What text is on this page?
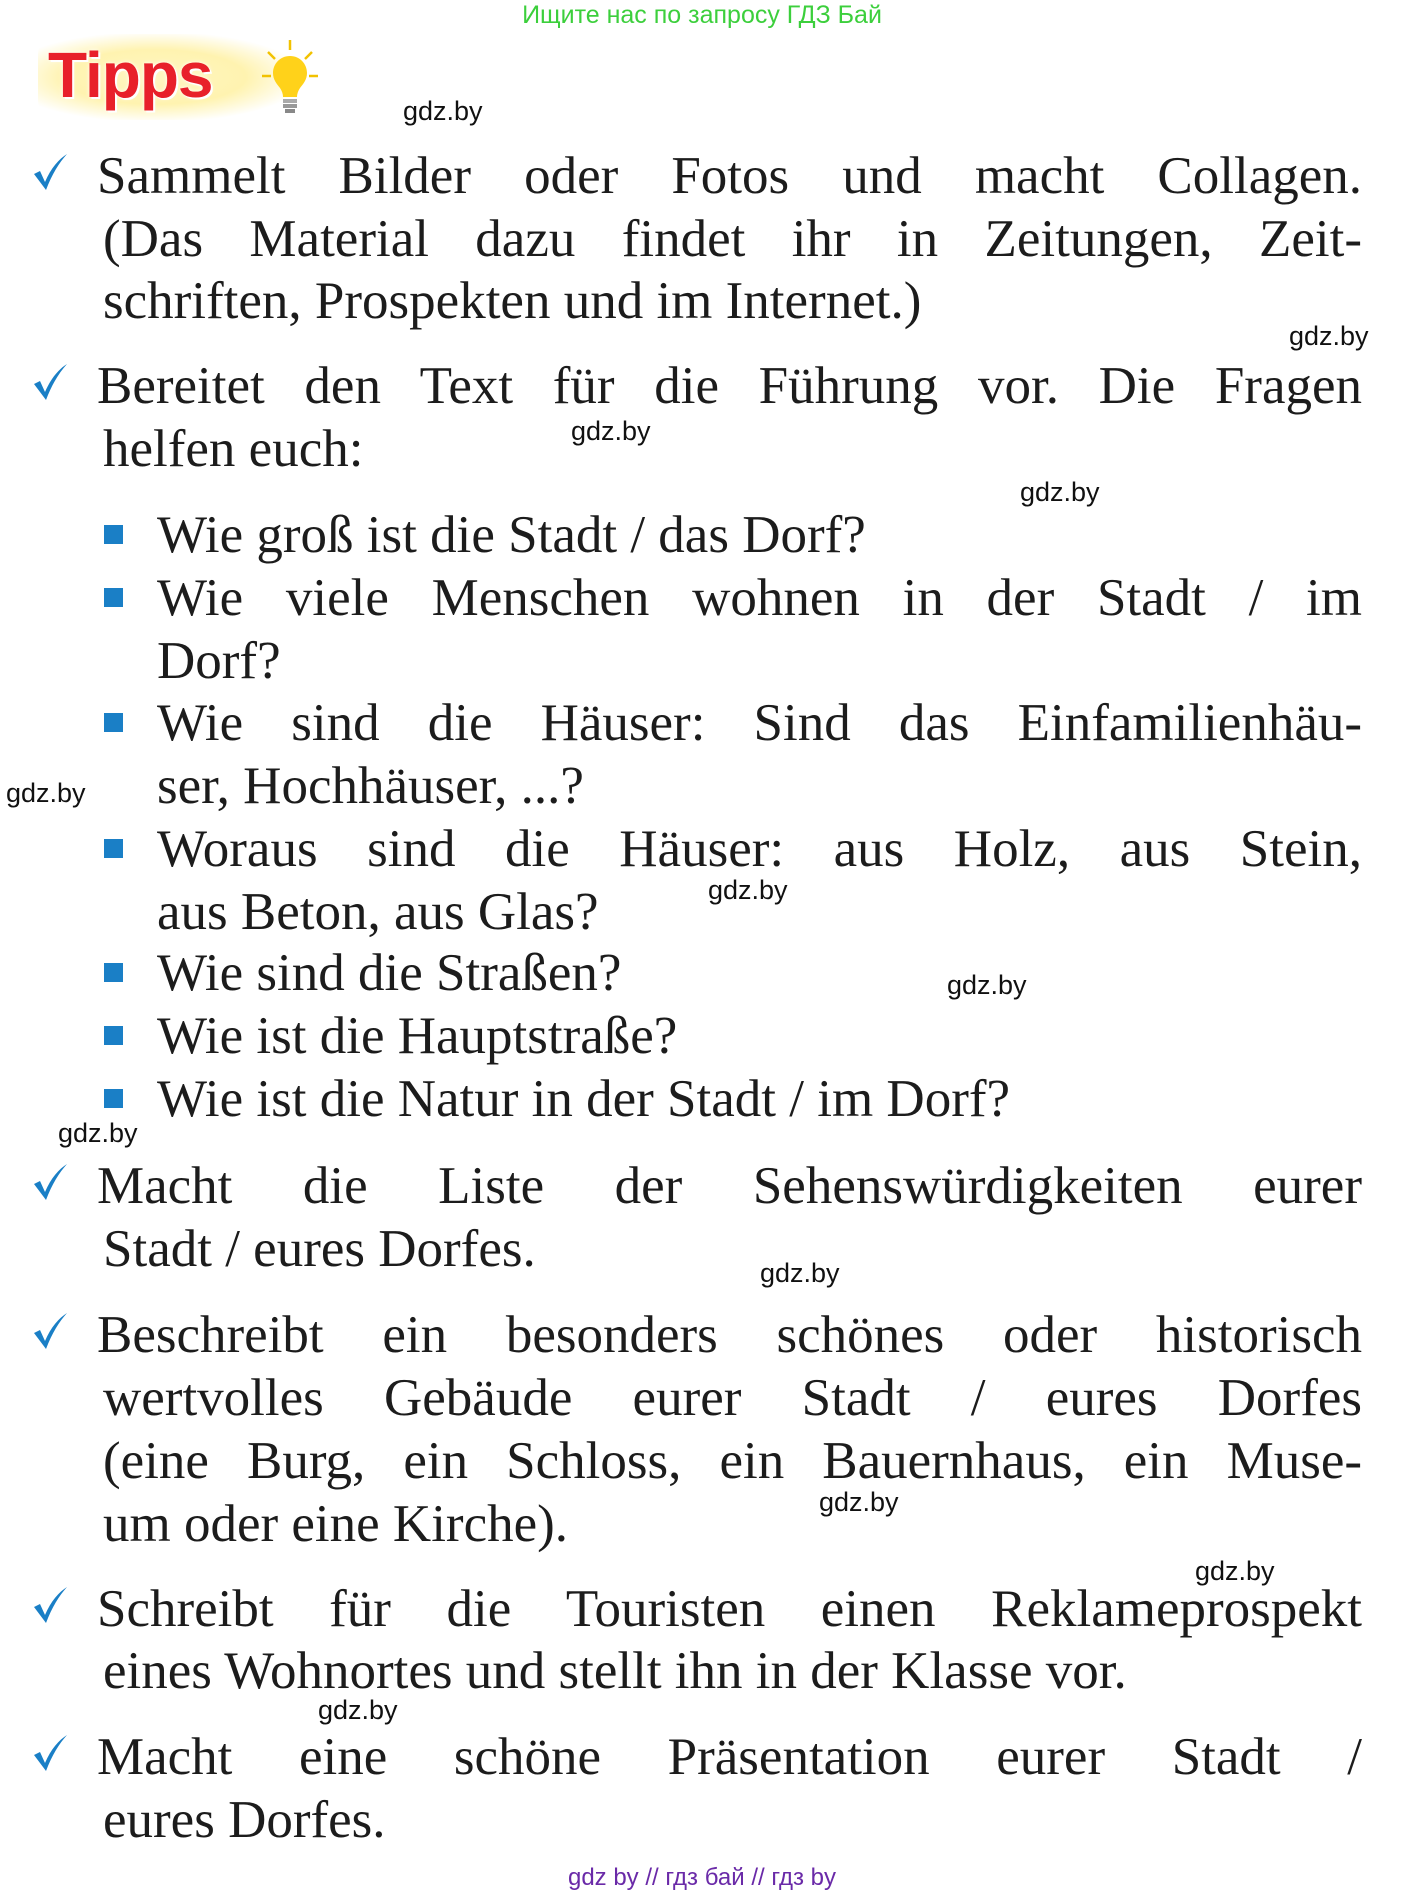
Ищите нас по запросу ГДЗ Бай
Tipps
Sammelt Bilder oder Fotos und macht Collagen.
(Das Material dazu findet ihr in Zeitungen, Zeit-
schriften, Prospekten und im Internet.)
Bereitet den Text für die Führung vor. Die Fragen
helfen euch:
Wie groß ist die Stadt / das Dorf?
Wie viele Menschen wohnen in der Stadt / im
Dorf?
Wie sind die Häuser: Sind das Einfamilienhäu-
ser, Hochhäuser, ...?
Woraus sind die Häuser: aus Holz, aus Stein,
aus Beton, aus Glas?
Wie sind die Straßen?
Wie ist die Hauptstraße?
Wie ist die Natur in der Stadt / im Dorf?
Macht die Liste der Sehenswürdigkeiten eurer
Stadt / eures Dorfes.
Beschreibt ein besonders schönes oder historisch
wertvolles Gebäude eurer Stadt / eures Dorfes
(eine Burg, ein Schloss, ein Bauernhaus, ein Muse-
um oder eine Kirche).
Schreibt für die Touristen einen Reklameprospekt
eines Wohnortes und stellt ihn in der Klasse vor.
Macht eine schöne Präsentation eurer Stadt /
eures Dorfes.
gdz.by
gdz.by
gdz.by
gdz.by
gdz.by
gdz.by
gdz.by
gdz.by
gdz.by
gdz.by
gdz.by
gdz.by
gdz by // гдз бай // гдз by
